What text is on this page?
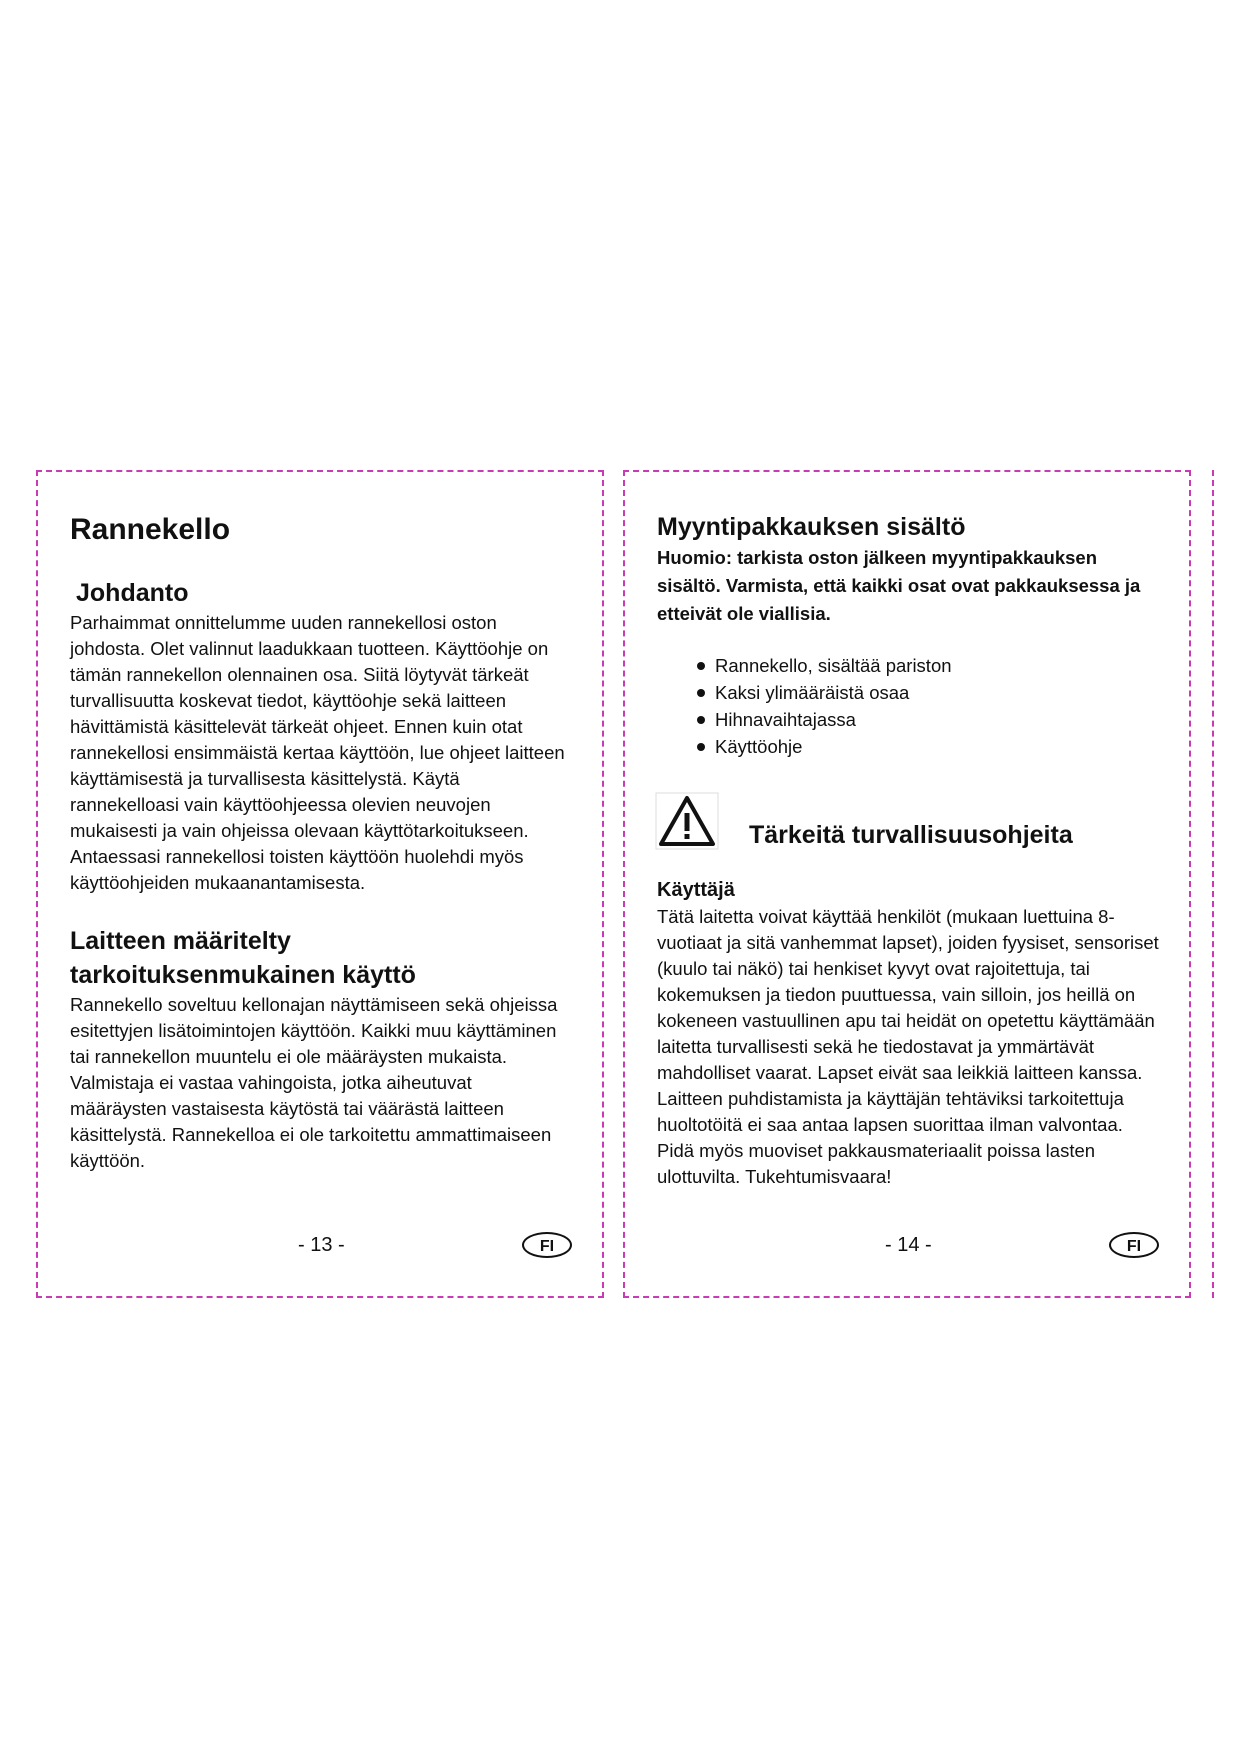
Rannekello
Johdanto

Parhaimmat onnittelumme uuden rannekellosi oston johdosta. Olet valinnut laadukkaan tuotteen. Käyttöohje on tämän rannekellon olennainen osa. Siitä löytyvät tärkeät turvallisuutta koskevat tiedot, käyttöohje sekä laitteen hävittämistä käsittelevät tärkeät ohjeet. Ennen kuin otat rannekellosi ensimmäistä kertaa käyttöön, lue ohjeet laitteen käyttämisestä ja turvallisesta käsittelystä. Käytä rannekelloasi vain käyttöohjeessa olevien neuvojen mukaisesti ja vain ohjeissa olevaan käyttötarkoitukseen. Antaessasi rannekellosi toisten käyttöön huolehdi myös käyttöohjeiden mukaanantamisesta.

Laitteen määritelty
tarkoituksenmukainen käyttö

Rannekello soveltuu kellonajan näyttämiseen sekä ohjeissa esitettyjen lisätoimintojen käyttöön. Kaikki muu käyttäminen tai rannekellon muuntelu ei ole määräysten mukaista. Valmistaja ei vastaa vahingoista, jotka aiheutuvat määräysten vastaisesta käytöstä tai väärästä laitteen käsittelystä. Rannekelloa ei ole tarkoitettu ammattimaiseen käyttöön.

- 13 -	FI
Myyntipakkauksen sisältö

Huomio: tarkista oston jälkeen myyntipakkauksen sisältö. Varmista, että kaikki osat ovat pakkauksessa ja etteivät ole viallisia.

Rannekello, sisältää pariston
Kaksi ylimääräistä osaa
Hihnavaihtajassa
Käyttöohje
Tärkeitä turvallisuusohjeita
Käyttäjä

Tätä laitetta voivat käyttää henkilöt (mukaan luettuina 8-vuotiaat ja sitä vanhemmat lapset), joiden fyysiset, sensoriset (kuulo tai näkö) tai henkiset kyvyt ovat rajoitettuja, tai kokemuksen ja tiedon puuttuessa, vain silloin, jos heillä on kokeneen vastuullinen apu tai heidät on opetettu käyttämään laitetta turvallisesti sekä he tiedostavat ja ymmärtävät mahdolliset vaarat. Lapset eivät saa leikkiä laitteen kanssa. Laitteen puhdistamista ja käyttäjän tehtäviksi tarkoitettuja huoltotöitä ei saa antaa lapsen suorittaa ilman valvontaa. Pidä myös muoviset pakkausmateriaalit poissa lasten ulottuvilta. Tukehtumisvaara!

- 14 -	FI
